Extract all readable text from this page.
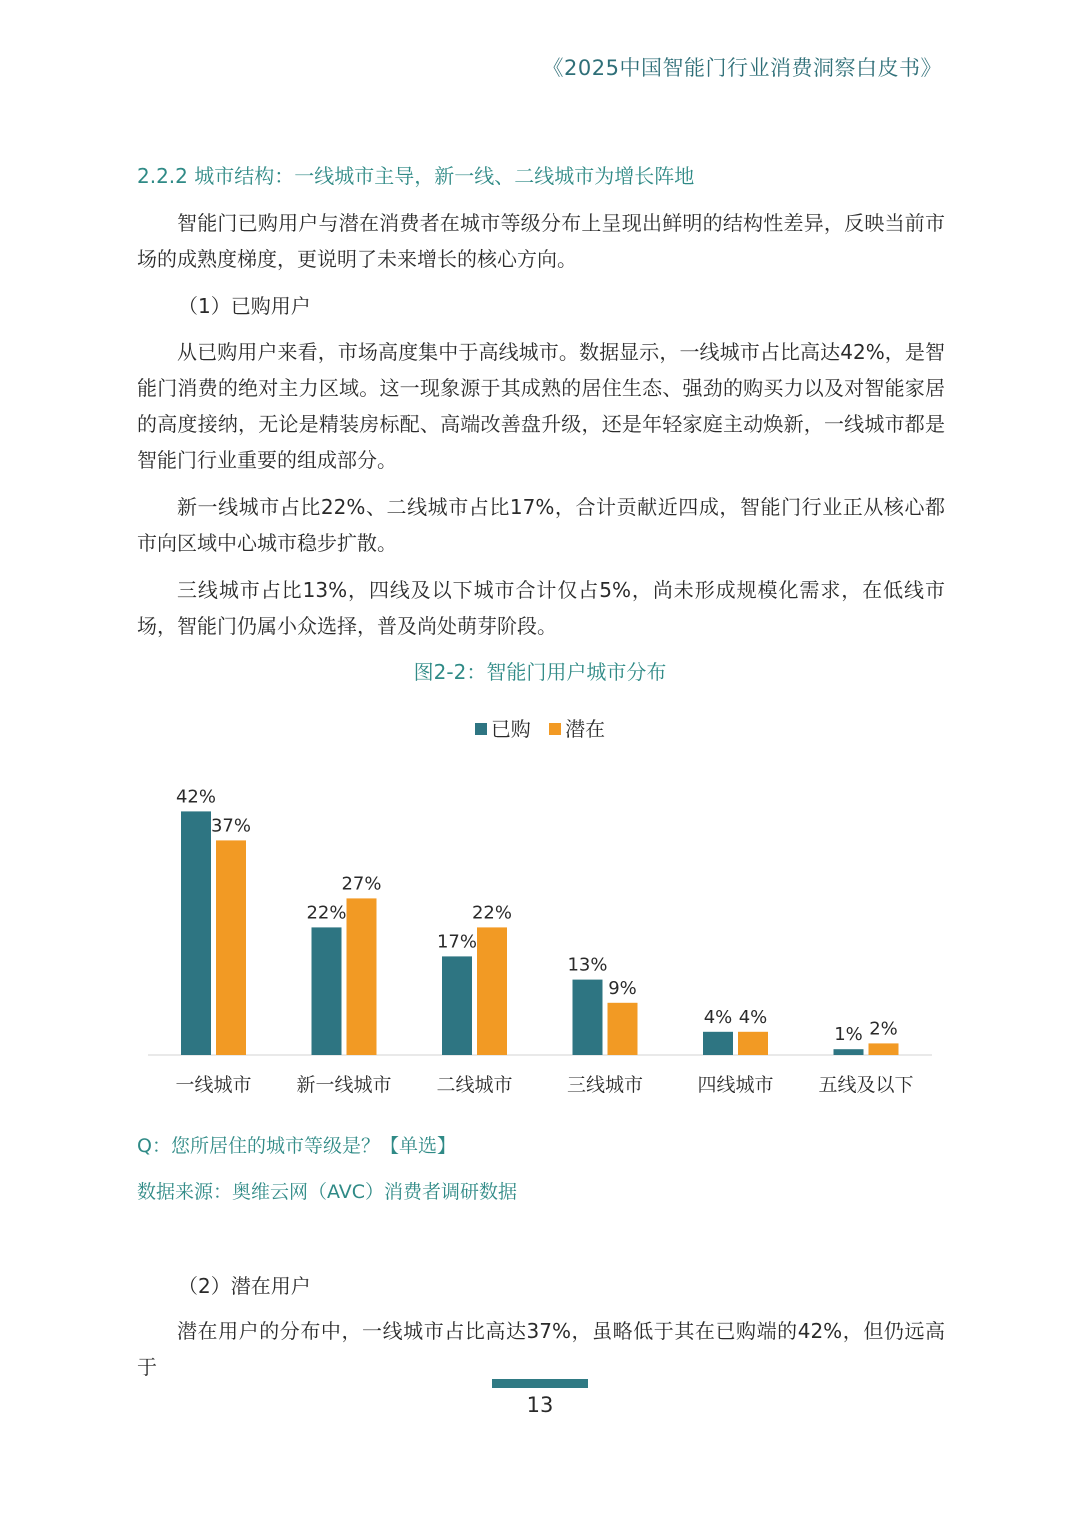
《2025中国智能门行业消费洞察白皮书》
2.2.2 城市结构：一线城市主导，新一线、二线城市为增长阵地

智能门已购用户与潜在消费者在城市等级分布上呈现出鲜明的结构性差异，反映当前市场的成熟度梯度，更说明了未来增长的核心方向。

（1）已购用户

从已购用户来看，市场高度集中于高线城市。数据显示，一线城市占比高达42%，是智能门消费的绝对主力区域。这一现象源于其成熟的居住生态、强劲的购买力以及对智能家居的高度接纳，无论是精装房标配、高端改善盘升级，还是年轻家庭主动焕新，一线城市都是智能门行业重要的组成部分。

新一线城市占比22%、二线城市占比17%，合计贡献近四成，智能门行业正从核心都市向区域中心城市稳步扩散。

三线城市占比13%，四线及以下城市合计仅占5%，尚未形成规模化需求，在低线市场，智能门仍属小众选择，普及尚处萌芽阶段。

图2-2：智能门用户城市分布
已购 潜在
42%
37%
一线城市
22%
27%
新一线城市
17%
22%
二线城市
13%
9%
三线城市
4% 4%
四线城市
1% 2%
五线及以下
Q：您所居住的城市等级是？【单选】
数据来源：奥维云网（AVC）消费者调研数据
（2）潜在用户

潜在用户的分布中，一线城市占比高达37%，虽略低于其在已购端的42%，但仍远高于

13
